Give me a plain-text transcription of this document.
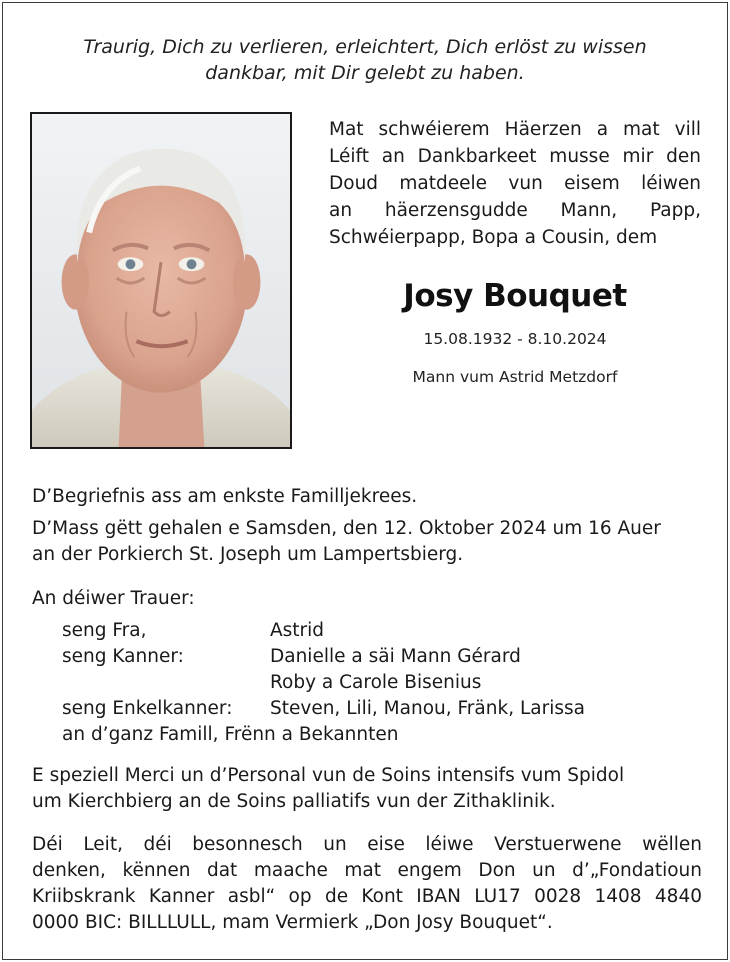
Traurig, Dich zu verlieren, erleichtert, Dich erlöst zu wissen
dankbar, mit Dir gelebt zu haben.
Mat schwéierem Häerzen a mat vill
Léift an Dankbarkeet musse mir den
Doud matdeele vun eisem léiwen
an häerzensgudde Mann, Papp,
Schwéierpapp, Bopa a Cousin, dem
Josy Bouquet
15.08.1932 - 8.10.2024
Mann vum Astrid Metzdorf
D’Begriefnis ass am enkste Familljekrees.
D’Mass gëtt gehalen e Samsden, den 12. Oktober 2024 um 16 Auer
an der Porkierch St. Joseph um Lampertsbierg.
An déiwer Trauer:
seng Fra,	Astrid
seng Kanner:	Danielle a säi Mann Gérard
Roby a Carole Bisenius
seng Enkelkanner:	Steven, Lili, Manou, Fränk, Larissa
an d’ganz Famill, Frënn a Bekannten
E speziell Merci un d’Personal vun de Soins intensifs vum Spidol
um Kierchbierg an de Soins palliatifs vun der Zithaklinik.
Déi Leit, déi besonnesch un eise léiwe Verstuerwene wëllen
denken, kënnen dat maache mat engem Don un d’„Fondatioun
Kriibskrank Kanner asbl“ op de Kont IBAN LU17 0028 1408 4840
0000 BIC: BILLLULL, mam Vermierk „Don Josy Bouquet“.
